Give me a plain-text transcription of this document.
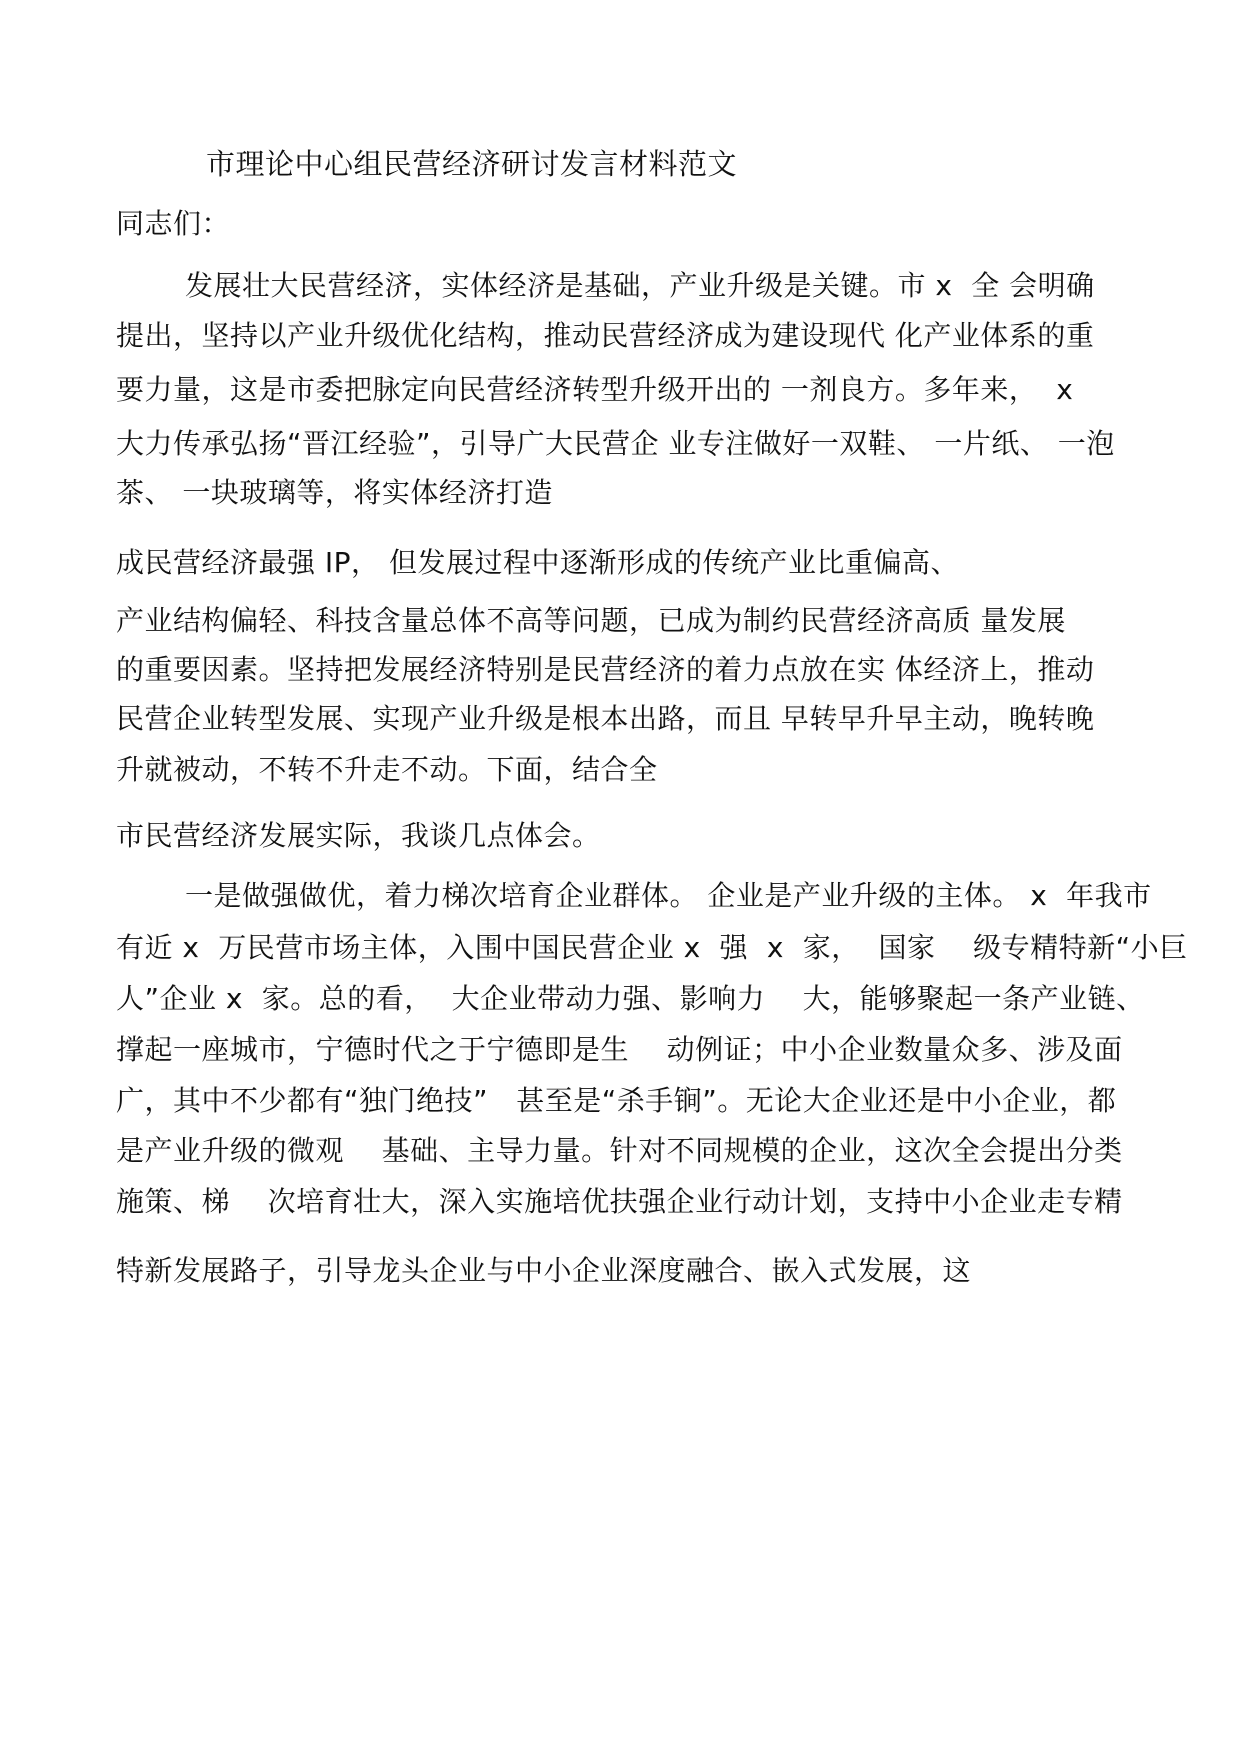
市理论中心组民营经济研讨发言材料范文
同志们：
发展壮大民营经济，实体经济是基础，产业升级是关键。市 x  全 会明确
提出，坚持以产业升级优化结构，推动民营经济成为建设现代 化产业体系的重
要力量，这是市委把脉定向民营经济转型升级开出的 一剂良方。多年来，  x
大力传承弘扬“晋江经验”，引导广大民营企 业专注做好一双鞋、 一片纸、 一泡
茶、 一块玻璃等，将实体经济打造
成民营经济最强 IP， 但发展过程中逐渐形成的传统产业比重偏高、
产业结构偏轻、科技含量总体不高等问题，已成为制约民营经济高质 量发展
的重要因素。坚持把发展经济特别是民营经济的着力点放在实 体经济上，推动
民营企业转型发展、实现产业升级是根本出路，而且 早转早升早主动，晚转晚
升就被动，不转不升走不动。下面，结合全
市民营经济发展实际，我谈几点体会。
一是做强做优，着力梯次培育企业群体。 企业是产业升级的主体。 x  年我市
有近 x  万民营市场主体，入围中国民营企业 x  强  x  家，  国家    级专精特新“小巨
人”企业 x  家。总的看，  大企业带动力强、影响力    大，能够聚起一条产业链、
撑起一座城市，宁德时代之于宁德即是生    动例证；中小企业数量众多、涉及面
广，其中不少都有“独门绝技”   甚至是“杀手锏”。无论大企业还是中小企业，都
是产业升级的微观    基础、主导力量。针对不同规模的企业，这次全会提出分类
施策、梯    次培育壮大，深入实施培优扶强企业行动计划，支持中小企业走专精
特新发展路子，引导龙头企业与中小企业深度融合、嵌入式发展，这
